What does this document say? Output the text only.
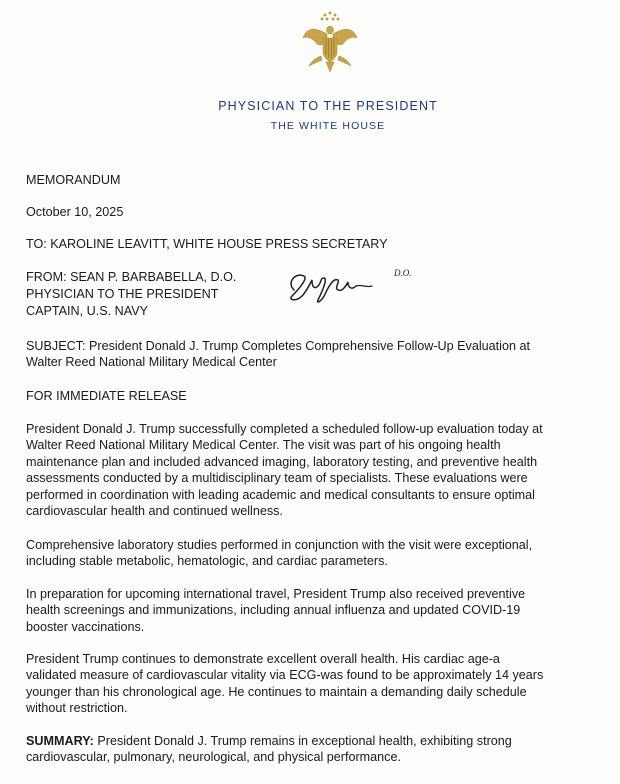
PHYSICIAN TO THE PRESIDENT
THE WHITE HOUSE
MEMORANDUM
October 10, 2025
TO: KAROLINE LEAVITT, WHITE HOUSE PRESS SECRETARY
FROM: SEAN P. BARBABELLA, D.O.	D.O.
PHYSICIAN TO THE PRESIDENT
CAPTAIN, U.S. NAVY
SUBJECT: President Donald J. Trump Completes Comprehensive Follow-Up Evaluation at
Walter Reed National Military Medical Center
FOR IMMEDIATE RELEASE
President Donald J. Trump successfully completed a scheduled follow-up evaluation today at
Walter Reed National Military Medical Center. The visit was part of his ongoing health
maintenance plan and included advanced imaging, laboratory testing, and preventive health
assessments conducted by a multidisciplinary team of specialists. These evaluations were
performed in coordination with leading academic and medical consultants to ensure optimal
cardiovascular health and continued wellness.
Comprehensive laboratory studies performed in conjunction with the visit were exceptional,
including stable metabolic, hematologic, and cardiac parameters.
In preparation for upcoming international travel, President Trump also received preventive
health screenings and immunizations, including annual influenza and updated COVID-19
booster vaccinations.
President Trump continues to demonstrate excellent overall health. His cardiac age-a
validated measure of cardiovascular vitality via ECG-was found to be approximately 14 years
younger than his chronological age. He continues to maintain a demanding daily schedule
without restriction.
SUMMARY: President Donald J. Trump remains in exceptional health, exhibiting strong
cardiovascular, pulmonary, neurological, and physical performance.
